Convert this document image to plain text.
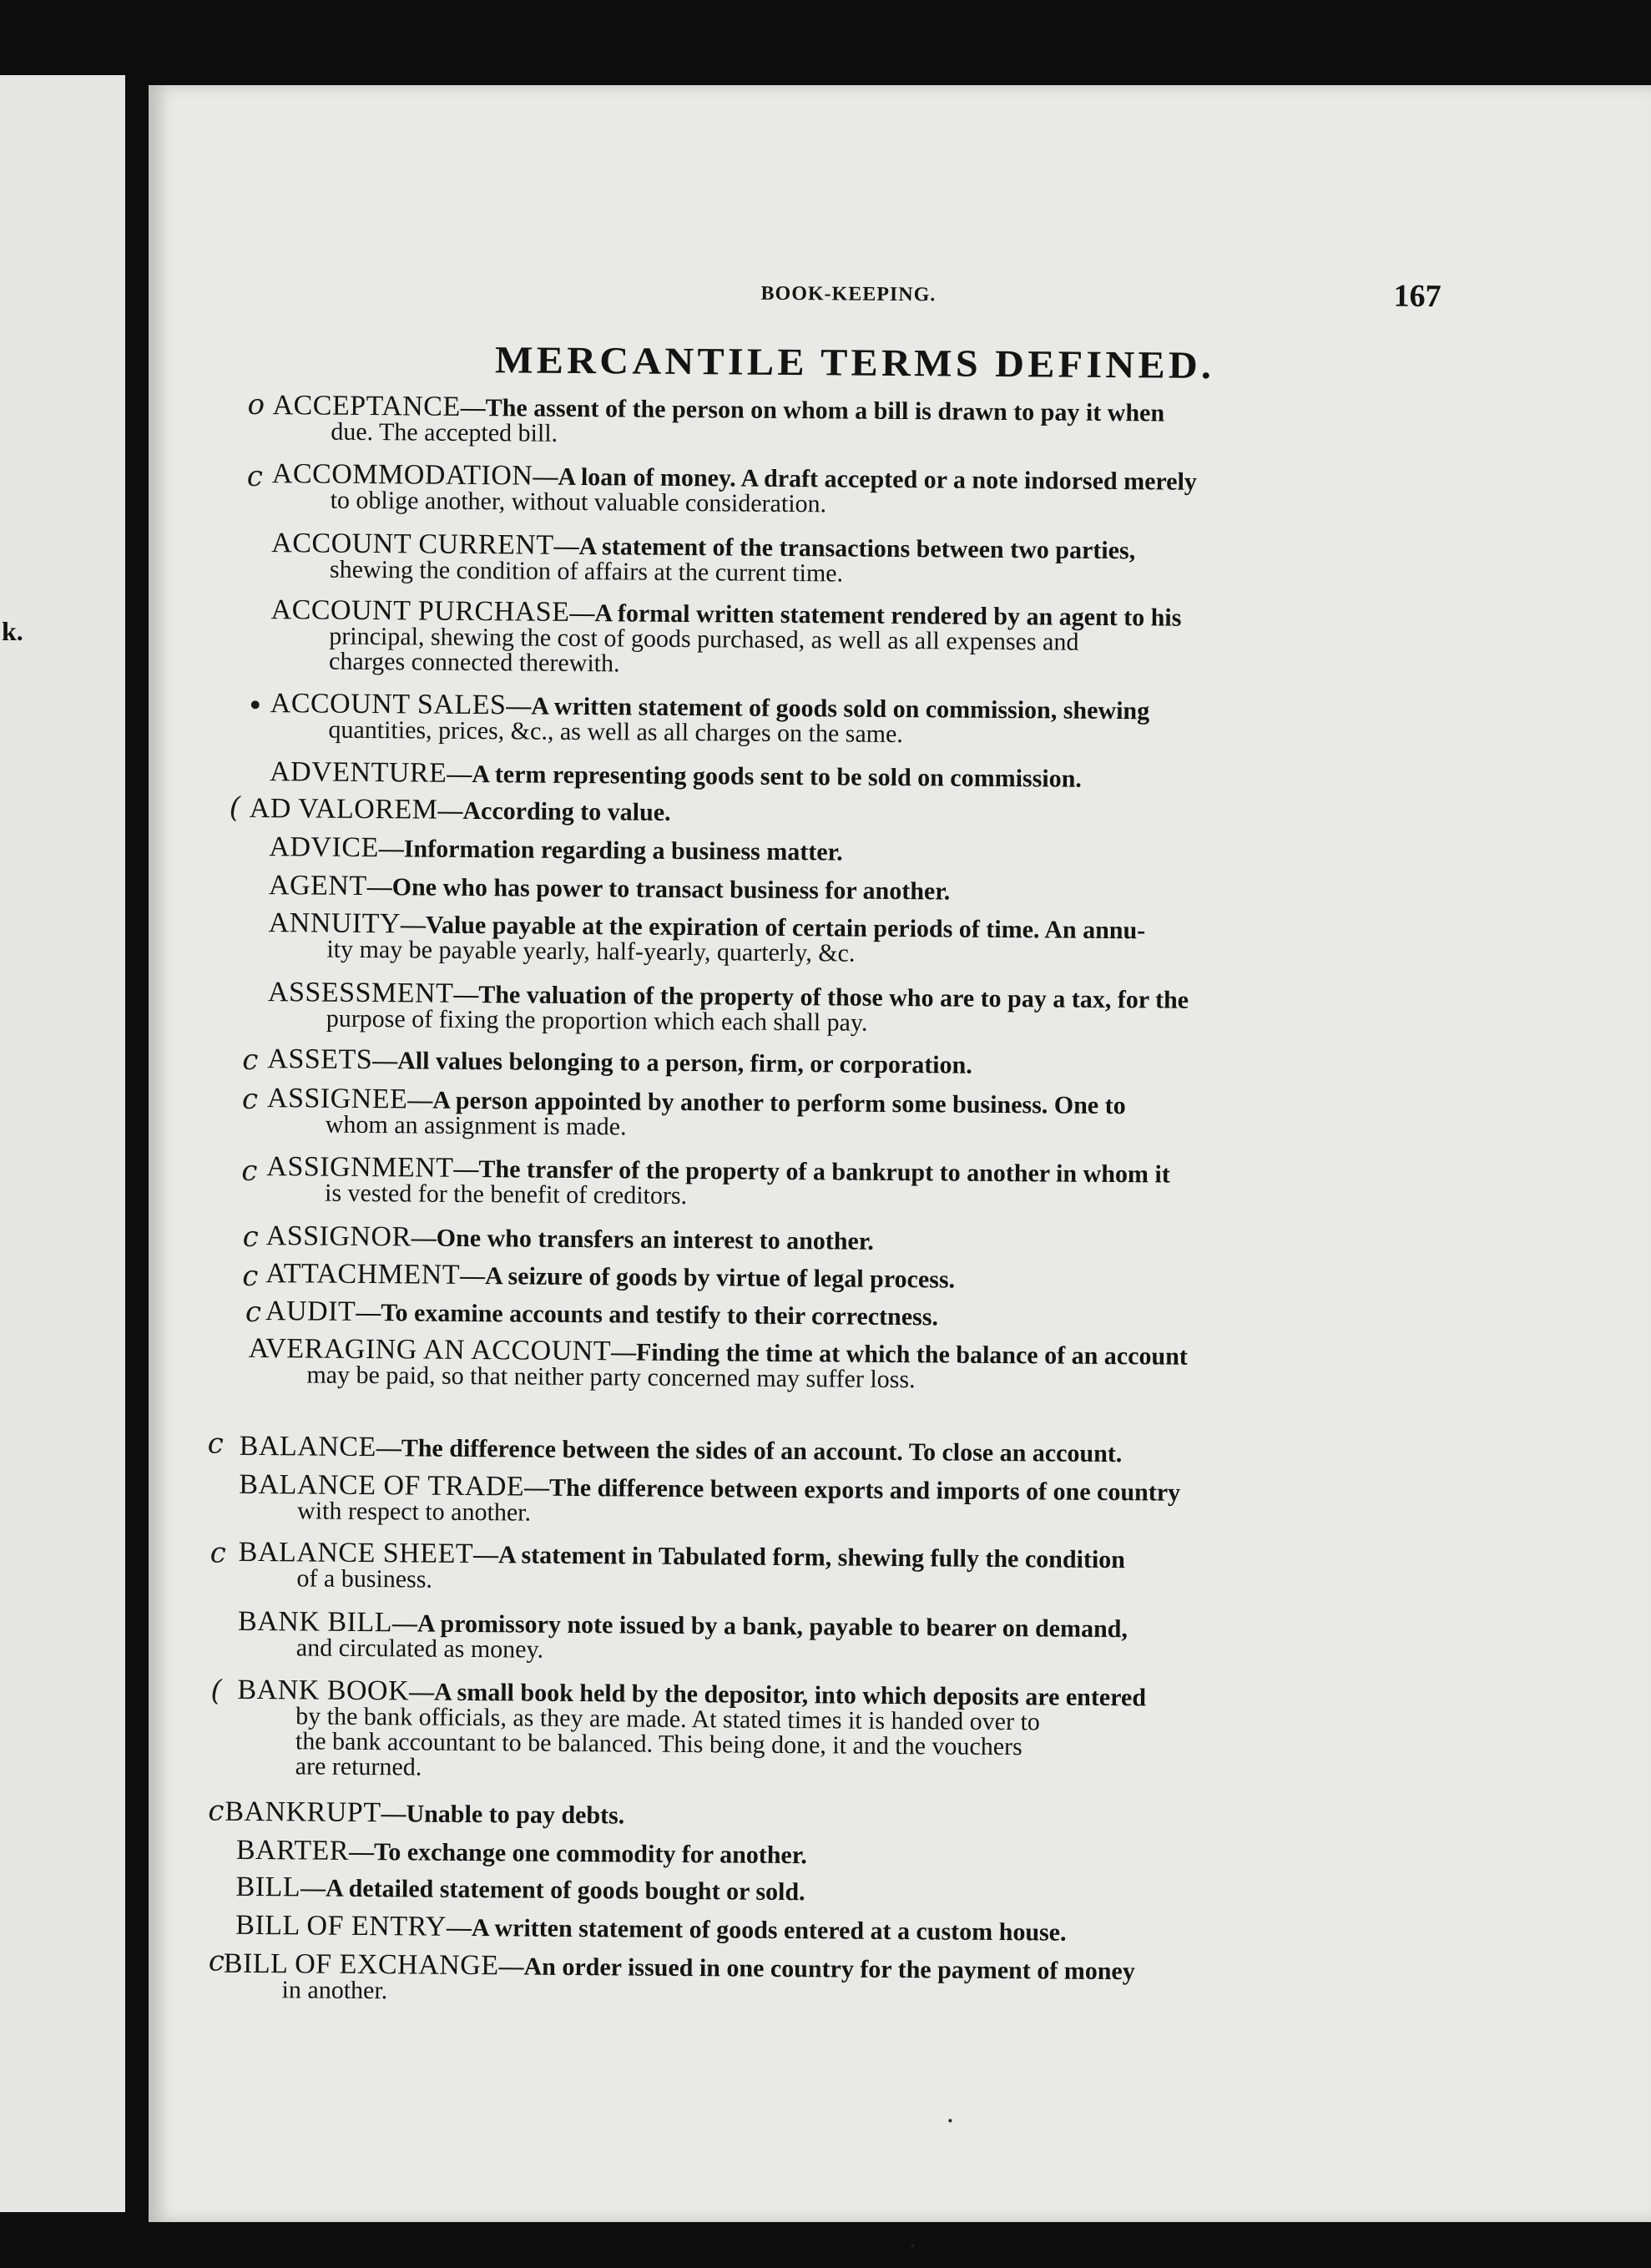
k.
BOOK-KEEPING.	167
MERCANTILE TERMS DEFINED.
ACCEPTANCE—The assent of the person on whom a bill is drawn to pay it when
due. The accepted bill.
o
ACCOMMODATION—A loan of money. A draft accepted or a note indorsed merely
to oblige another, without valuable consideration.
c
ACCOUNT CURRENT—A statement of the transactions between two parties,
shewing the condition of affairs at the current time.
ACCOUNT PURCHASE—A formal written statement rendered by an agent to his
principal, shewing the cost of goods purchased, as well as all expenses and
charges connected therewith.
ACCOUNT SALES—A written statement of goods sold on commission, shewing
quantities, prices, &c., as well as all charges on the same.
•
ADVENTURE—A term representing goods sent to be sold on commission.
AD VALOREM—According to value.
(
ADVICE—Information regarding a business matter.
AGENT—One who has power to transact business for another.
ANNUITY—Value payable at the expiration of certain periods of time. An annu-
ity may be payable yearly, half-yearly, quarterly, &c.
ASSESSMENT—The valuation of the property of those who are to pay a tax, for the
purpose of fixing the proportion which each shall pay.
ASSETS—All values belonging to a person, firm, or corporation.
c
ASSIGNEE—A person appointed by another to perform some business. One to
whom an assignment is made.
c
ASSIGNMENT—The transfer of the property of a bankrupt to another in whom it
is vested for the benefit of creditors.
c
ASSIGNOR—One who transfers an interest to another.
c
ATTACHMENT—A seizure of goods by virtue of legal process.
c
AUDIT—To examine accounts and testify to their correctness.
c
AVERAGING AN ACCOUNT—Finding the time at which the balance of an account
may be paid, so that neither party concerned may suffer loss.
BALANCE—The difference between the sides of an account. To close an account.
c
BALANCE OF TRADE—The difference between exports and imports of one country
with respect to another.
BALANCE SHEET—A statement in Tabulated form, shewing fully the condition
of a business.
c
BANK BILL—A promissory note issued by a bank, payable to bearer on demand,
and circulated as money.
BANK BOOK—A small book held by the depositor, into which deposits are entered
by the bank officials, as they are made. At stated times it is handed over to
the bank accountant to be balanced. This being done, it and the vouchers
are returned.
(
BANKRUPT—Unable to pay debts.
c
BARTER—To exchange one commodity for another.
BILL—A detailed statement of goods bought or sold.
BILL OF ENTRY—A written statement of goods entered at a custom house.
BILL OF EXCHANGE—An order issued in one country for the payment of money
in another.
c
